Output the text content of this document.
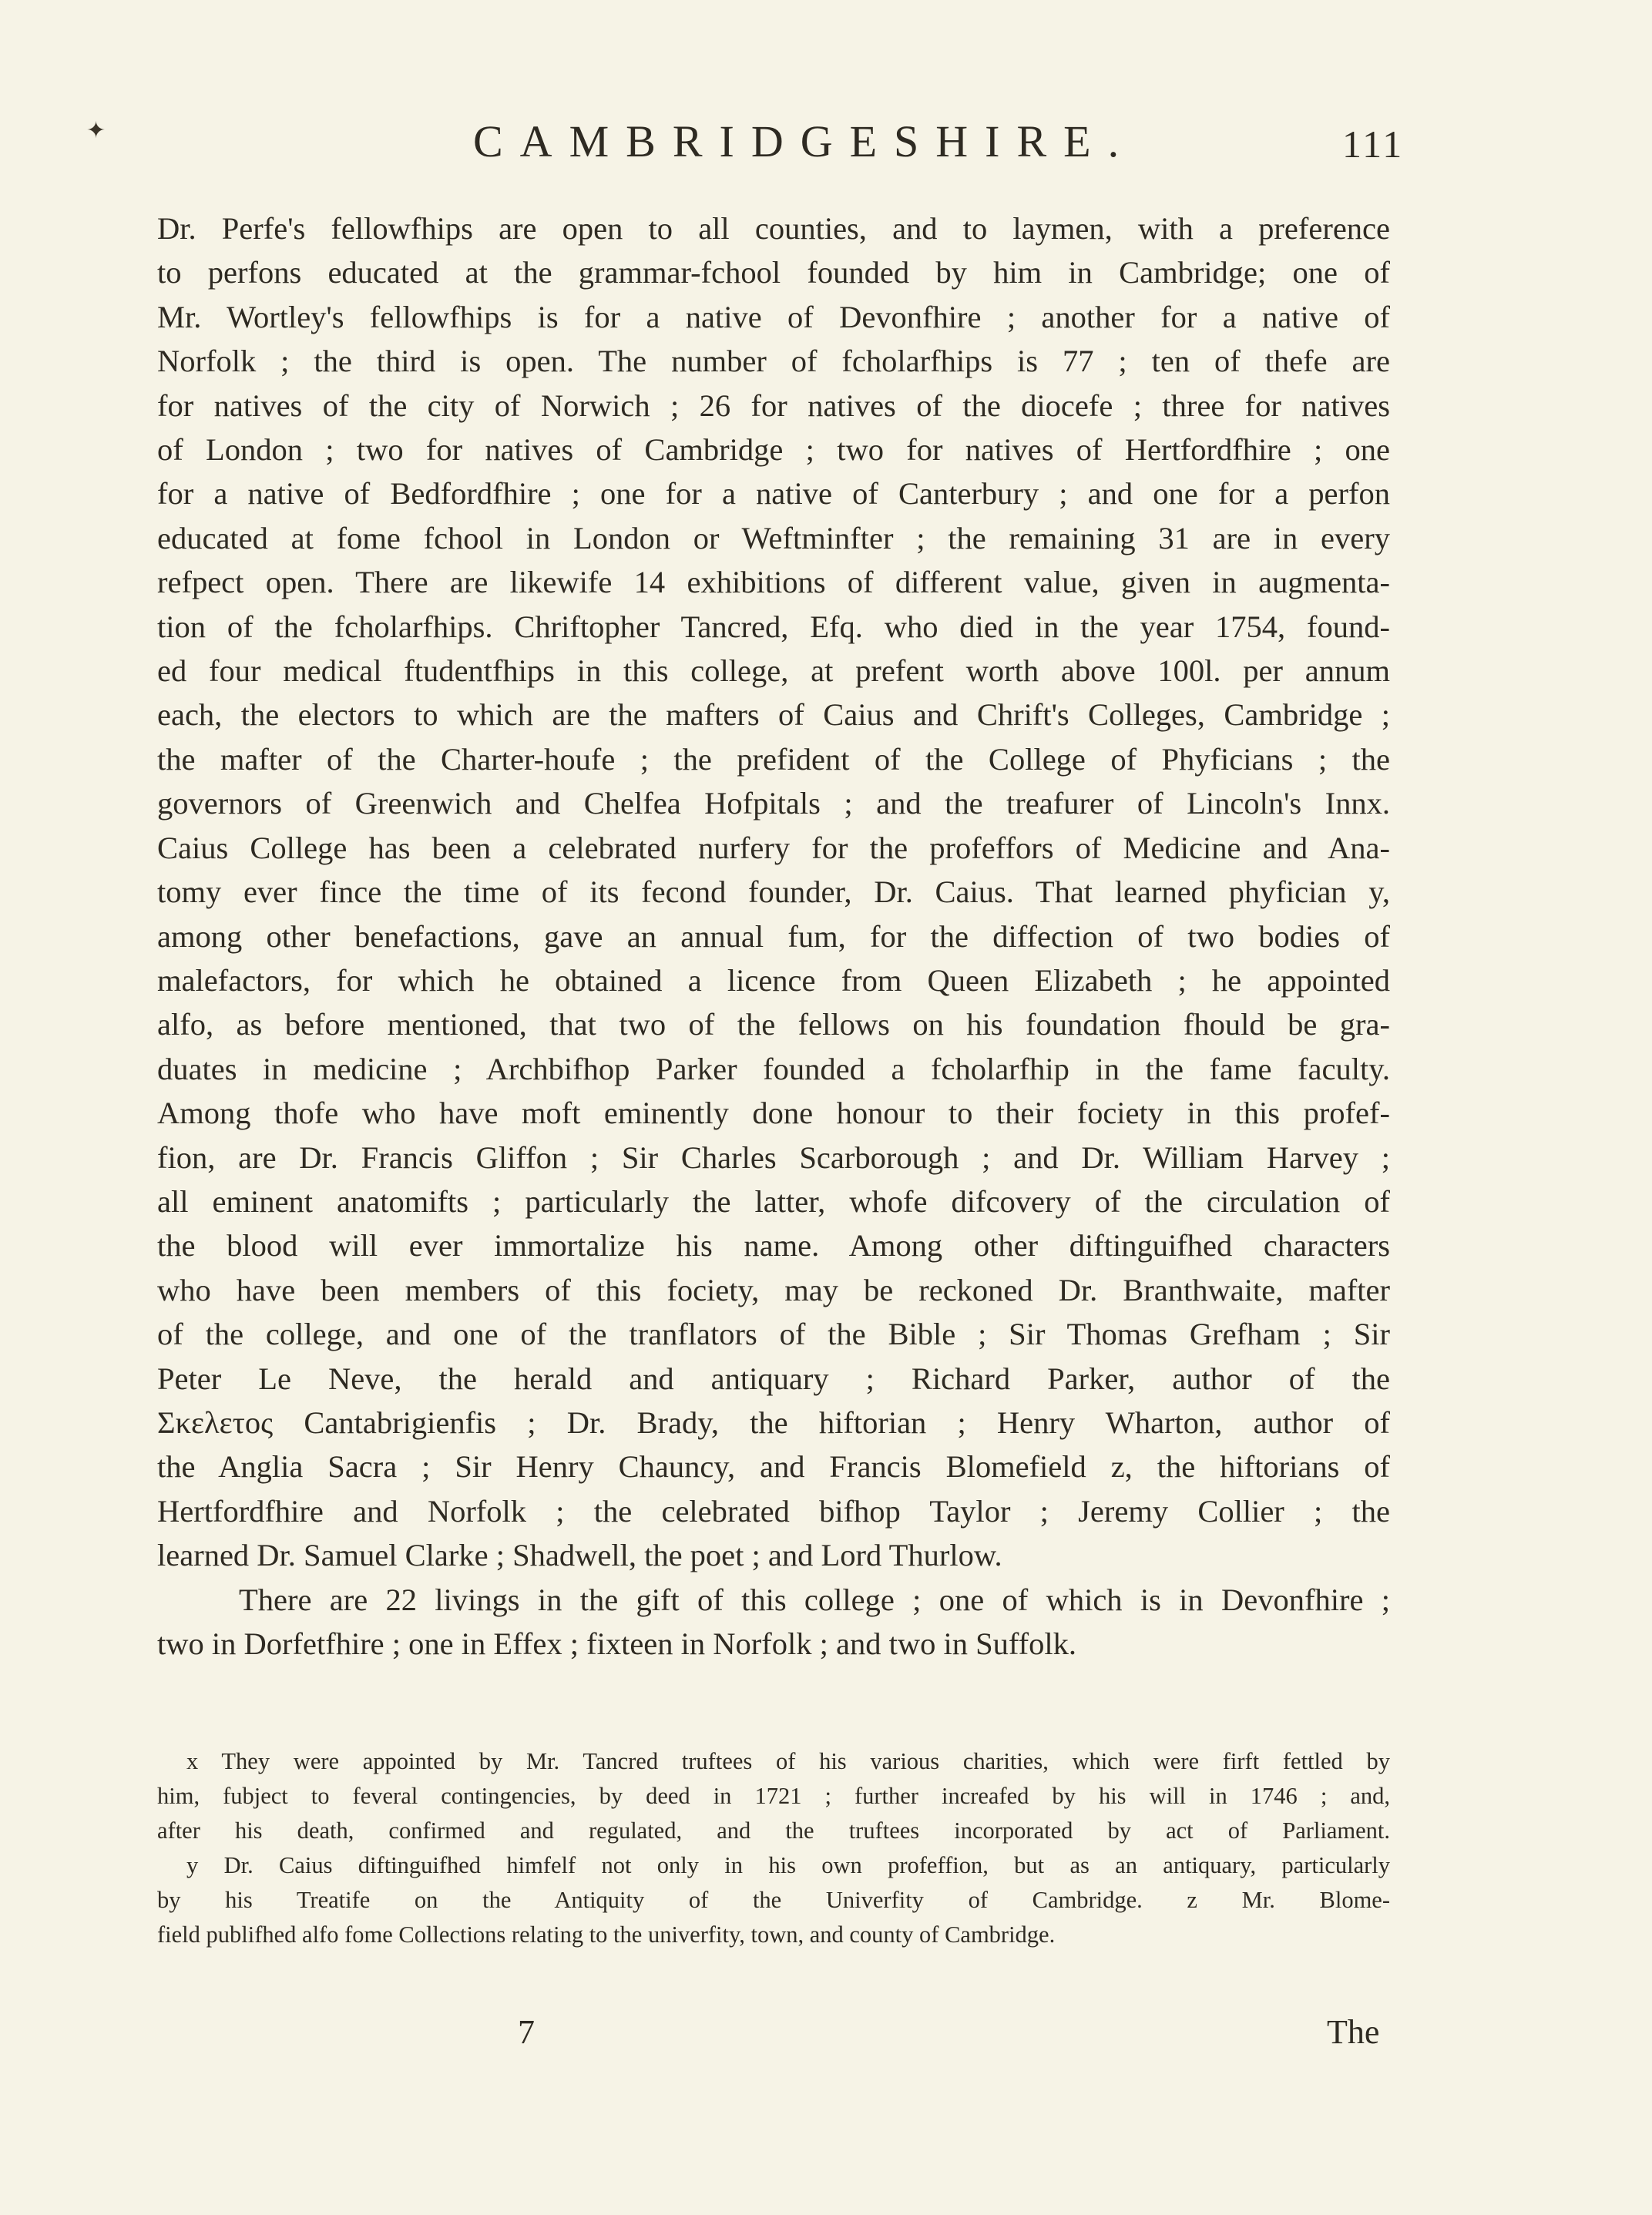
✦	CAMBRIDGESHIRE.	111
Dr. Perfe's fellowfhips are open to all counties, and to laymen, with a preference
to perfons educated at the grammar-fchool founded by him in Cambridge; one of
Mr. Wortley's fellowfhips is for a native of Devonfhire ; another for a native of
Norfolk ; the third is open. The number of fcholarfhips is 77 ; ten of thefe are
for natives of the city of Norwich ; 26 for natives of the diocefe ; three for natives
of London ; two for natives of Cambridge ; two for natives of Hertfordfhire ; one
for a native of Bedfordfhire ; one for a native of Canterbury ; and one for a perfon
educated at fome fchool in London or Weftminfter ; the remaining 31 are in every
refpect open. There are likewife 14 exhibitions of different value, given in augmenta-
tion of the fcholarfhips. Chriftopher Tancred, Efq. who died in the year 1754, found-
ed four medical ftudentfhips in this college, at prefent worth above 100l. per annum
each, the electors to which are the mafters of Caius and Chrift's Colleges, Cambridge ;
the mafter of the Charter-houfe ; the prefident of the College of Phyficians ; the
governors of Greenwich and Chelfea Hofpitals ; and the treafurer of Lincoln's Innx.
Caius College has been a celebrated nurfery for the profeffors of Medicine and Ana-
tomy ever fince the time of its fecond founder, Dr. Caius. That learned phyfician y,
among other benefactions, gave an annual fum, for the diffection of two bodies of
malefactors, for which he obtained a licence from Queen Elizabeth ; he appointed
alfo, as before mentioned, that two of the fellows on his foundation fhould be gra-
duates in medicine ; Archbifhop Parker founded a fcholarfhip in the fame faculty.
Among thofe who have moft eminently done honour to their fociety in this profef-
fion, are Dr. Francis Gliffon ; Sir Charles Scarborough ; and Dr. William Harvey ;
all eminent anatomifts ; particularly the latter, whofe difcovery of the circulation of
the blood will ever immortalize his name. Among other diftinguifhed characters
who have been members of this fociety, may be reckoned Dr. Branthwaite, mafter
of the college, and one of the tranflators of the Bible ; Sir Thomas Grefham ; Sir
Peter Le Neve, the herald and antiquary ; Richard Parker, author of the
Σκελετος Cantabrigienfis ; Dr. Brady, the hiftorian ; Henry Wharton, author of
the Anglia Sacra ; Sir Henry Chauncy, and Francis Blomefield z, the hiftorians of
Hertfordfhire and Norfolk ; the celebrated bifhop Taylor ; Jeremy Collier ; the
learned Dr. Samuel Clarke ; Shadwell, the poet ; and Lord Thurlow.
There are 22 livings in the gift of this college ; one of which is in Devonfhire ;
two in Dorfetfhire ; one in Effex ; fixteen in Norfolk ; and two in Suffolk.
x They were appointed by Mr. Tancred truftees of his various charities, which were firft fettled by
him, fubject to feveral contingencies, by deed in 1721 ; further increafed by his will in 1746 ; and,
after his death, confirmed and regulated, and the truftees incorporated by act of Parliament.
y Dr. Caius diftinguifhed himfelf not only in his own profeffion, but as an antiquary, particularly
by his Treatife on the Antiquity of the Univerfity of Cambridge. z Mr. Blome-
field publifhed alfo fome Collections relating to the univerfity, town, and county of Cambridge.
7	The
